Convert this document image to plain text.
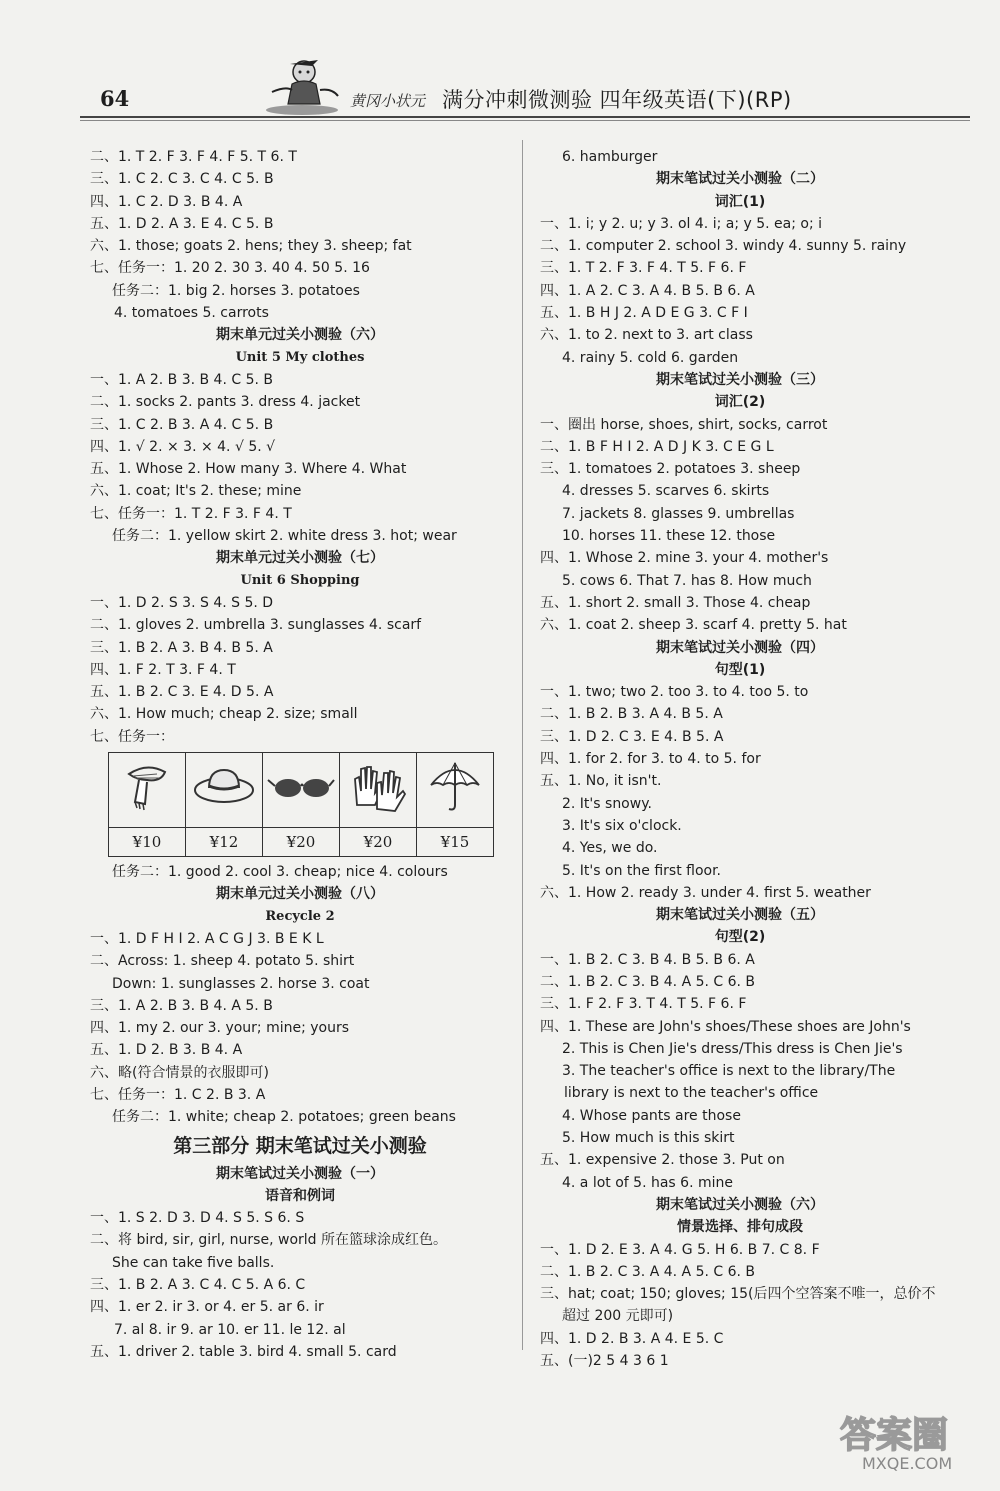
64	黄冈小状元 满分冲刺微测验 四年级英语(下)(RP)
二、1. T 2. F 3. F 4. F 5. T 6. T
三、1. C 2. C 3. C 4. C 5. B
四、1. C 2. D 3. B 4. A
五、1. D 2. A 3. E 4. C 5. B
六、1. those; goats 2. hens; they 3. sheep; fat
七、任务一：1. 20 2. 30 3. 40 4. 50 5. 16
任务二：1. big 2. horses 3. potatoes
4. tomatoes 5. carrots
期末单元过关小测验（六）
Unit 5 My clothes
一、1. A 2. B 3. B 4. C 5. B
二、1. socks 2. pants 3. dress 4. jacket
三、1. C 2. B 3. A 4. C 5. B
四、1. √ 2. × 3. × 4. √ 5. √
五、1. Whose 2. How many 3. Where 4. What
六、1. coat; It's 2. these; mine
七、任务一：1. T 2. F 3. F 4. T
任务二：1. yellow skirt 2. white dress 3. hot; wear
期末单元过关小测验（七）
Unit 6 Shopping
一、1. D 2. S 3. S 4. S 5. D
二、1. gloves 2. umbrella 3. sunglasses 4. scarf
三、1. B 2. A 3. B 4. B 5. A
四、1. F 2. T 3. F 4. T
五、1. B 2. C 3. E 4. D 5. A
六、1. How much; cheap 2. size; small
七、任务一：

¥10	¥12	¥20	¥20	¥15
任务二：1. good 2. cool 3. cheap; nice 4. colours
期末单元过关小测验（八）
Recycle 2
一、1. D F H I 2. A C G J 3. B E K L
二、Across: 1. sheep 4. potato 5. shirt
Down: 1. sunglasses 2. horse 3. coat
三、1. A 2. B 3. B 4. A 5. B
四、1. my 2. our 3. your; mine; yours
五、1. D 2. B 3. B 4. A
六、略(符合情景的衣服即可)
七、任务一：1. C 2. B 3. A
任务二：1. white; cheap 2. potatoes; green beans
第三部分 期末笔试过关小测验
期末笔试过关小测验（一）
语音和例词
一、1. S 2. D 3. D 4. S 5. S 6. S
二、将 bird, sir, girl, nurse, world 所在篮球涂成红色。
She can take five balls.
三、1. B 2. A 3. C 4. C 5. A 6. C
四、1. er 2. ir 3. or 4. er 5. ar 6. ir
7. al 8. ir 9. ar 10. er 11. le 12. al
五、1. driver 2. table 3. bird 4. small 5. card
6. hamburger
期末笔试过关小测验（二）
词汇(1)
一、1. i; y 2. u; y 3. ol 4. i; a; y 5. ea; o; i
二、1. computer 2. school 3. windy 4. sunny 5. rainy
三、1. T 2. F 3. F 4. T 5. F 6. F
四、1. A 2. C 3. A 4. B 5. B 6. A
五、1. B H J 2. A D E G 3. C F I
六、1. to 2. next to 3. art class
4. rainy 5. cold 6. garden
期末笔试过关小测验（三）
词汇(2)
一、圈出 horse, shoes, shirt, socks, carrot
二、1. B F H I 2. A D J K 3. C E G L
三、1. tomatoes 2. potatoes 3. sheep
4. dresses 5. scarves 6. skirts
7. jackets 8. glasses 9. umbrellas
10. horses 11. these 12. those
四、1. Whose 2. mine 3. your 4. mother's
5. cows 6. That 7. has 8. How much
五、1. short 2. small 3. Those 4. cheap
六、1. coat 2. sheep 3. scarf 4. pretty 5. hat
期末笔试过关小测验（四）
句型(1)
一、1. two; two 2. too 3. to 4. too 5. to
二、1. B 2. B 3. A 4. B 5. A
三、1. D 2. C 3. E 4. B 5. A
四、1. for 2. for 3. to 4. to 5. for
五、1. No, it isn't.
2. It's snowy.
3. It's six o'clock.
4. Yes, we do.
5. It's on the first floor.
六、1. How 2. ready 3. under 4. first 5. weather
期末笔试过关小测验（五）
句型(2)
一、1. B 2. C 3. B 4. B 5. B 6. A
二、1. B 2. C 3. B 4. A 5. C 6. B
三、1. F 2. F 3. T 4. T 5. F 6. F
四、1. These are John's shoes/These shoes are John's
2. This is Chen Jie's dress/This dress is Chen Jie's
3. The teacher's office is next to the library/The
library is next to the teacher's office
4. Whose pants are those
5. How much is this skirt
五、1. expensive 2. those 3. Put on
4. a lot of 5. has 6. mine
期末笔试过关小测验（六）
情景选择、排句成段
一、1. D 2. E 3. A 4. G 5. H 6. B 7. C 8. F
二、1. B 2. C 3. A 4. A 5. C 6. B
三、hat; coat; 150; gloves; 15(后四个空答案不唯一，总价不
超过 200 元即可)
四、1. D 2. B 3. A 4. E 5. C
五、(一)2 5 4 3 6 1
答案圈
MXQE.COM
